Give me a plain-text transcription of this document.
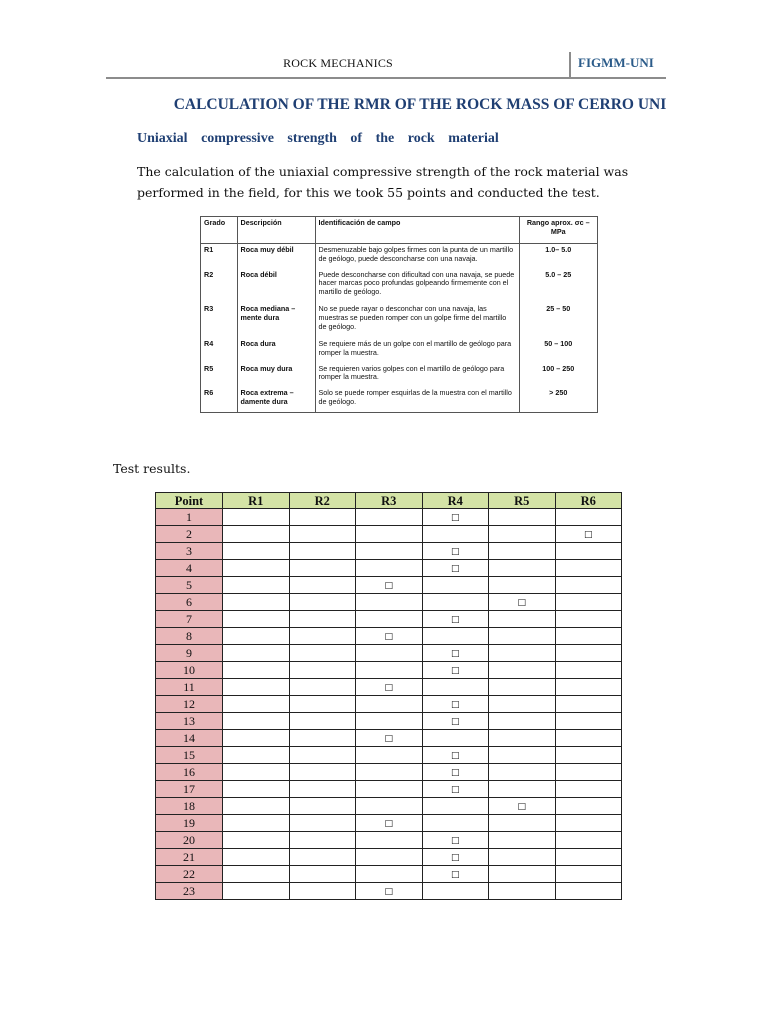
ROCK MECHANICS	FIGMM-UNI
CALCULATION OF THE RMR OF THE ROCK MASS OF CERRO UNI
Uniaxial compressive strength of the rock material
The calculation of the uniaxial compressive strength of the rock material was performed in the field, for this we took 55 points and conducted the test.
Grado	Descripción	Identificación de campo	Rango aprox. σc – MPa
R1	Roca muy débil	Desmenuzable bajo golpes firmes con la punta de un martillo de geólogo, puede desconcharse con una navaja.	1.0– 5.0
R2	Roca débil	Puede desconcharse con dificultad con una navaja, se puede hacer marcas poco profundas golpeando firmemente con el martillo de geólogo.	5.0 – 25
R3	Roca mediana – mente dura	No se puede rayar o desconchar con una navaja, las muestras se pueden romper con un golpe firme del martillo de geólogo.	25 – 50
R4	Roca dura	Se requiere más de un golpe con el martillo de geólogo para romper la muestra.	50 – 100
R5	Roca muy dura	Se requieren varios golpes con el martillo de geólogo para romper la muestra.	100 – 250
R6	Roca extrema – damente dura	Solo se puede romper esquirlas de la muestra con el martillo de geólogo.	> 250
Test results.
Point	R1	R2	R3	R4	R5	R6
1				□		
2						□
3				□		
4				□		
5			□			
6					□	
7				□		
8			□			
9				□		
10				□		
11			□			
12				□		
13				□		
14			□			
15				□		
16				□		
17				□		
18					□	
19			□			
20				□		
21				□		
22				□		
23			□			
